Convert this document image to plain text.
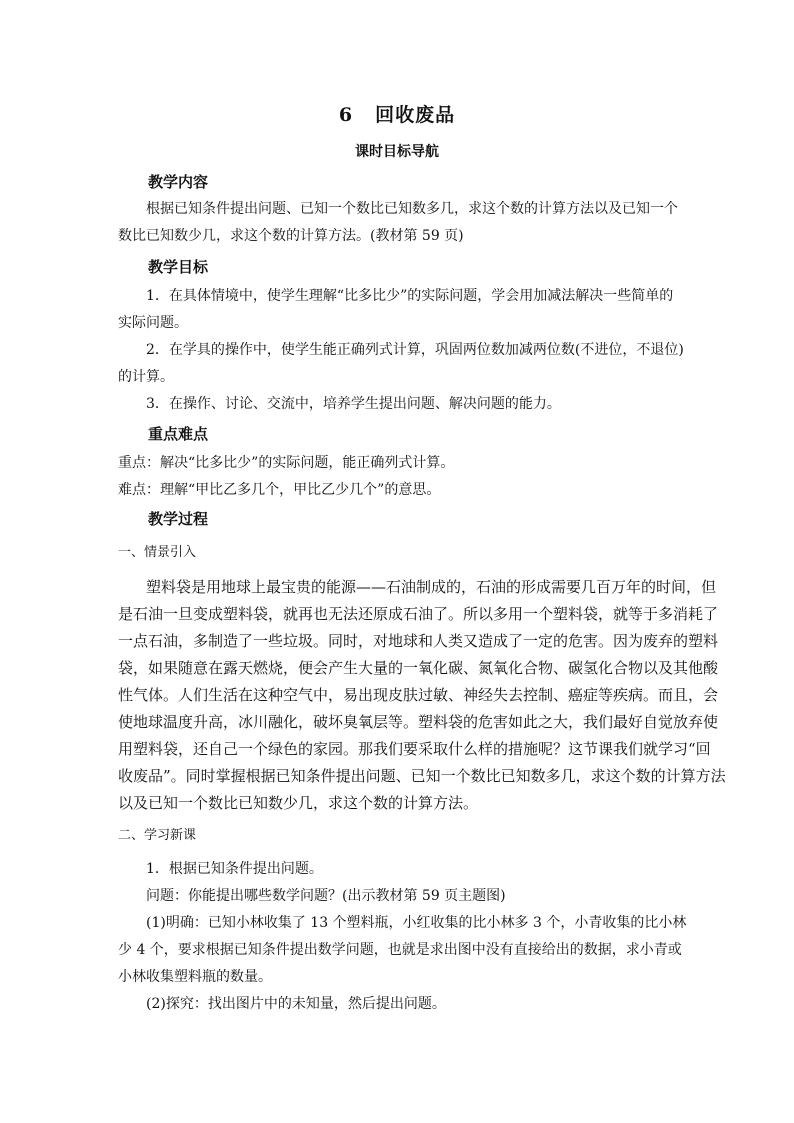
6 回收废品
课时目标导航
教学内容
根据已知条件提出问题、已知一个数比已知数多几，求这个数的计算方法以及已知一个
数比已知数少几，求这个数的计算方法。(教材第 59 页)
教学目标
1．在具体情境中，使学生理解“比多比少”的实际问题，学会用加减法解决一些简单的
实际问题。
2．在学具的操作中，使学生能正确列式计算，巩固两位数加减两位数(不进位，不退位)
的计算。
3．在操作、讨论、交流中，培养学生提出问题、解决问题的能力。
重点难点
重点：解决“比多比少”的实际问题，能正确列式计算。
难点：理解“甲比乙多几个，甲比乙少几个”的意思。
教学过程
一、情景引入
塑料袋是用地球上最宝贵的能源——石油制成的，石油的形成需要几百万年的时间，但
是石油一旦变成塑料袋，就再也无法还原成石油了。所以多用一个塑料袋，就等于多消耗了
一点石油，多制造了一些垃圾。同时，对地球和人类又造成了一定的危害。因为废弃的塑料
袋，如果随意在露天燃烧，便会产生大量的一氧化碳、氮氧化合物、碳氢化合物以及其他酸
性气体。人们生活在这种空气中，易出现皮肤过敏、神经失去控制、癌症等疾病。而且，会
使地球温度升高，冰川融化，破坏臭氧层等。塑料袋的危害如此之大，我们最好自觉放弃使
用塑料袋，还自己一个绿色的家园。那我们要采取什么样的措施呢？这节课我们就学习“回
收废品”。同时掌握根据已知条件提出问题、已知一个数比已知数多几，求这个数的计算方法
以及已知一个数比已知数少几，求这个数的计算方法。
二、学习新课
1．根据已知条件提出问题。
问题：你能提出哪些数学问题？(出示教材第 59 页主题图)
(1)明确：已知小林收集了 13 个塑料瓶，小红收集的比小林多 3 个，小青收集的比小林
少 4 个，要求根据已知条件提出数学问题，也就是求出图中没有直接给出的数据，求小青或
小林收集塑料瓶的数量。
(2)探究：找出图片中的未知量，然后提出问题。
